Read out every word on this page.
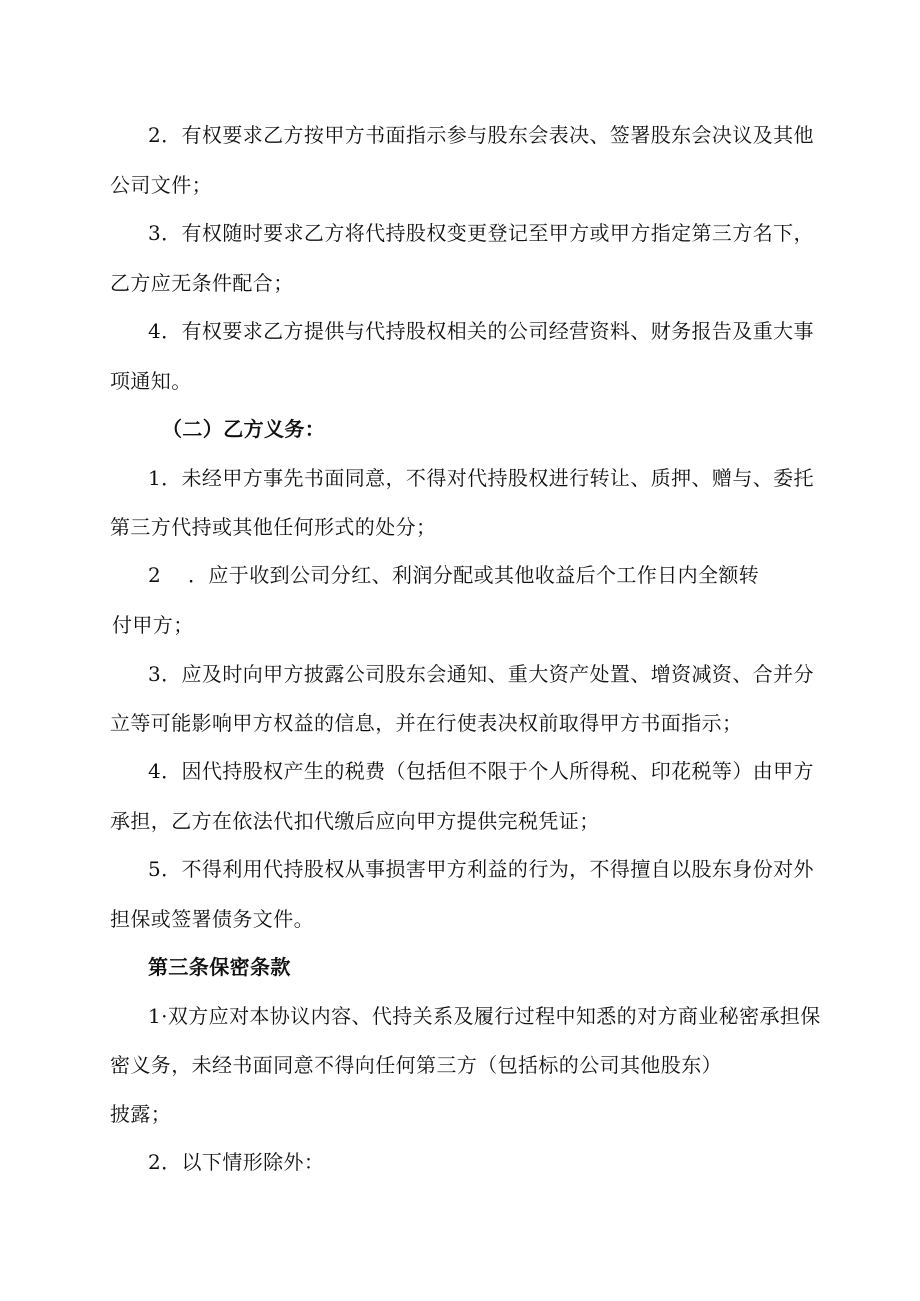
2．有权要求乙方按甲方书面指示参与股东会表决、签署股东会决议及其他
公司文件；
3．有权随时要求乙方将代持股权变更登记至甲方或甲方指定第三方名下，
乙方应无条件配合；
4．有权要求乙方提供与代持股权相关的公司经营资料、财务报告及重大事
项通知。
（二）乙方义务：
1．未经甲方事先书面同意，不得对代持股权进行转让、质押、赠与、委托
第三方代持或其他任何形式的处分；
2 ．应于收到公司分红、利润分配或其他收益后个工作日内全额转
付甲方；
3．应及时向甲方披露公司股东会通知、重大资产处置、增资减资、合并分
立等可能影响甲方权益的信息，并在行使表决权前取得甲方书面指示；
4．因代持股权产生的税费（包括但不限于个人所得税、印花税等）由甲方
承担，乙方在依法代扣代缴后应向甲方提供完税凭证；
5．不得利用代持股权从事损害甲方利益的行为，不得擅自以股东身份对外
担保或签署债务文件。
第三条保密条款
1·双方应对本协议内容、代持关系及履行过程中知悉的对方商业秘密承担保
密义务，未经书面同意不得向任何第三方（包括标的公司其他股东）
披露；
2．以下情形除外：
